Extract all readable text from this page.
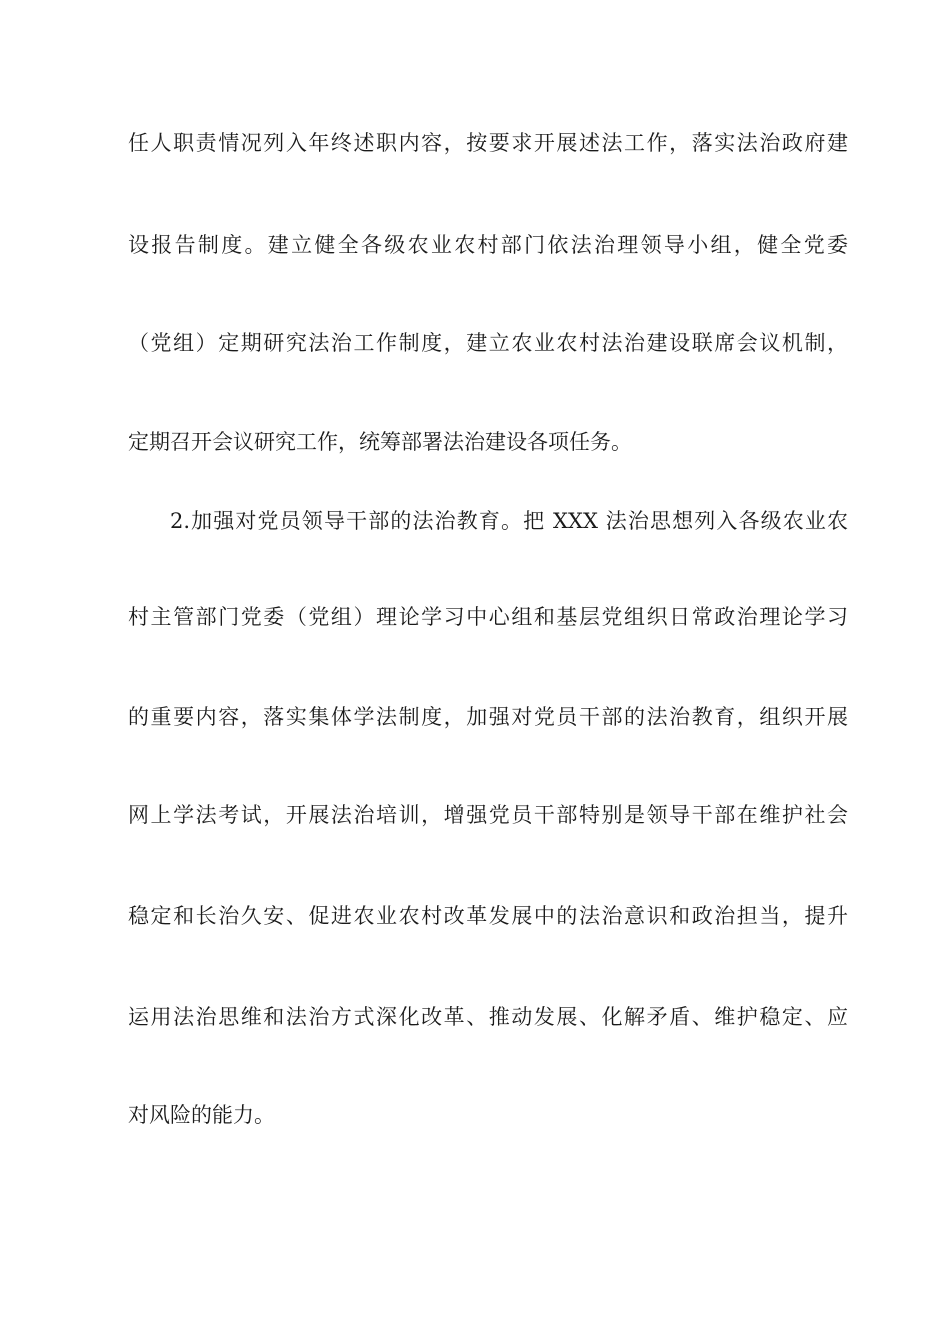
任人职责情况列入年终述职内容，按要求开展述法工作，落实法治政府建
设报告制度。建立健全各级农业农村部门依法治理领导小组，健全党委
（党组）定期研究法治工作制度，建立农业农村法治建设联席会议机制，
定期召开会议研究工作，统筹部署法治建设各项任务。
2.加强对党员领导干部的法治教育。把 XXX 法治思想列入各级农业农
村主管部门党委（党组）理论学习中心组和基层党组织日常政治理论学习
的重要内容，落实集体学法制度，加强对党员干部的法治教育，组织开展
网上学法考试，开展法治培训，增强党员干部特别是领导干部在维护社会
稳定和长治久安、促进农业农村改革发展中的法治意识和政治担当，提升
运用法治思维和法治方式深化改革、推动发展、化解矛盾、维护稳定、应
对风险的能力。
